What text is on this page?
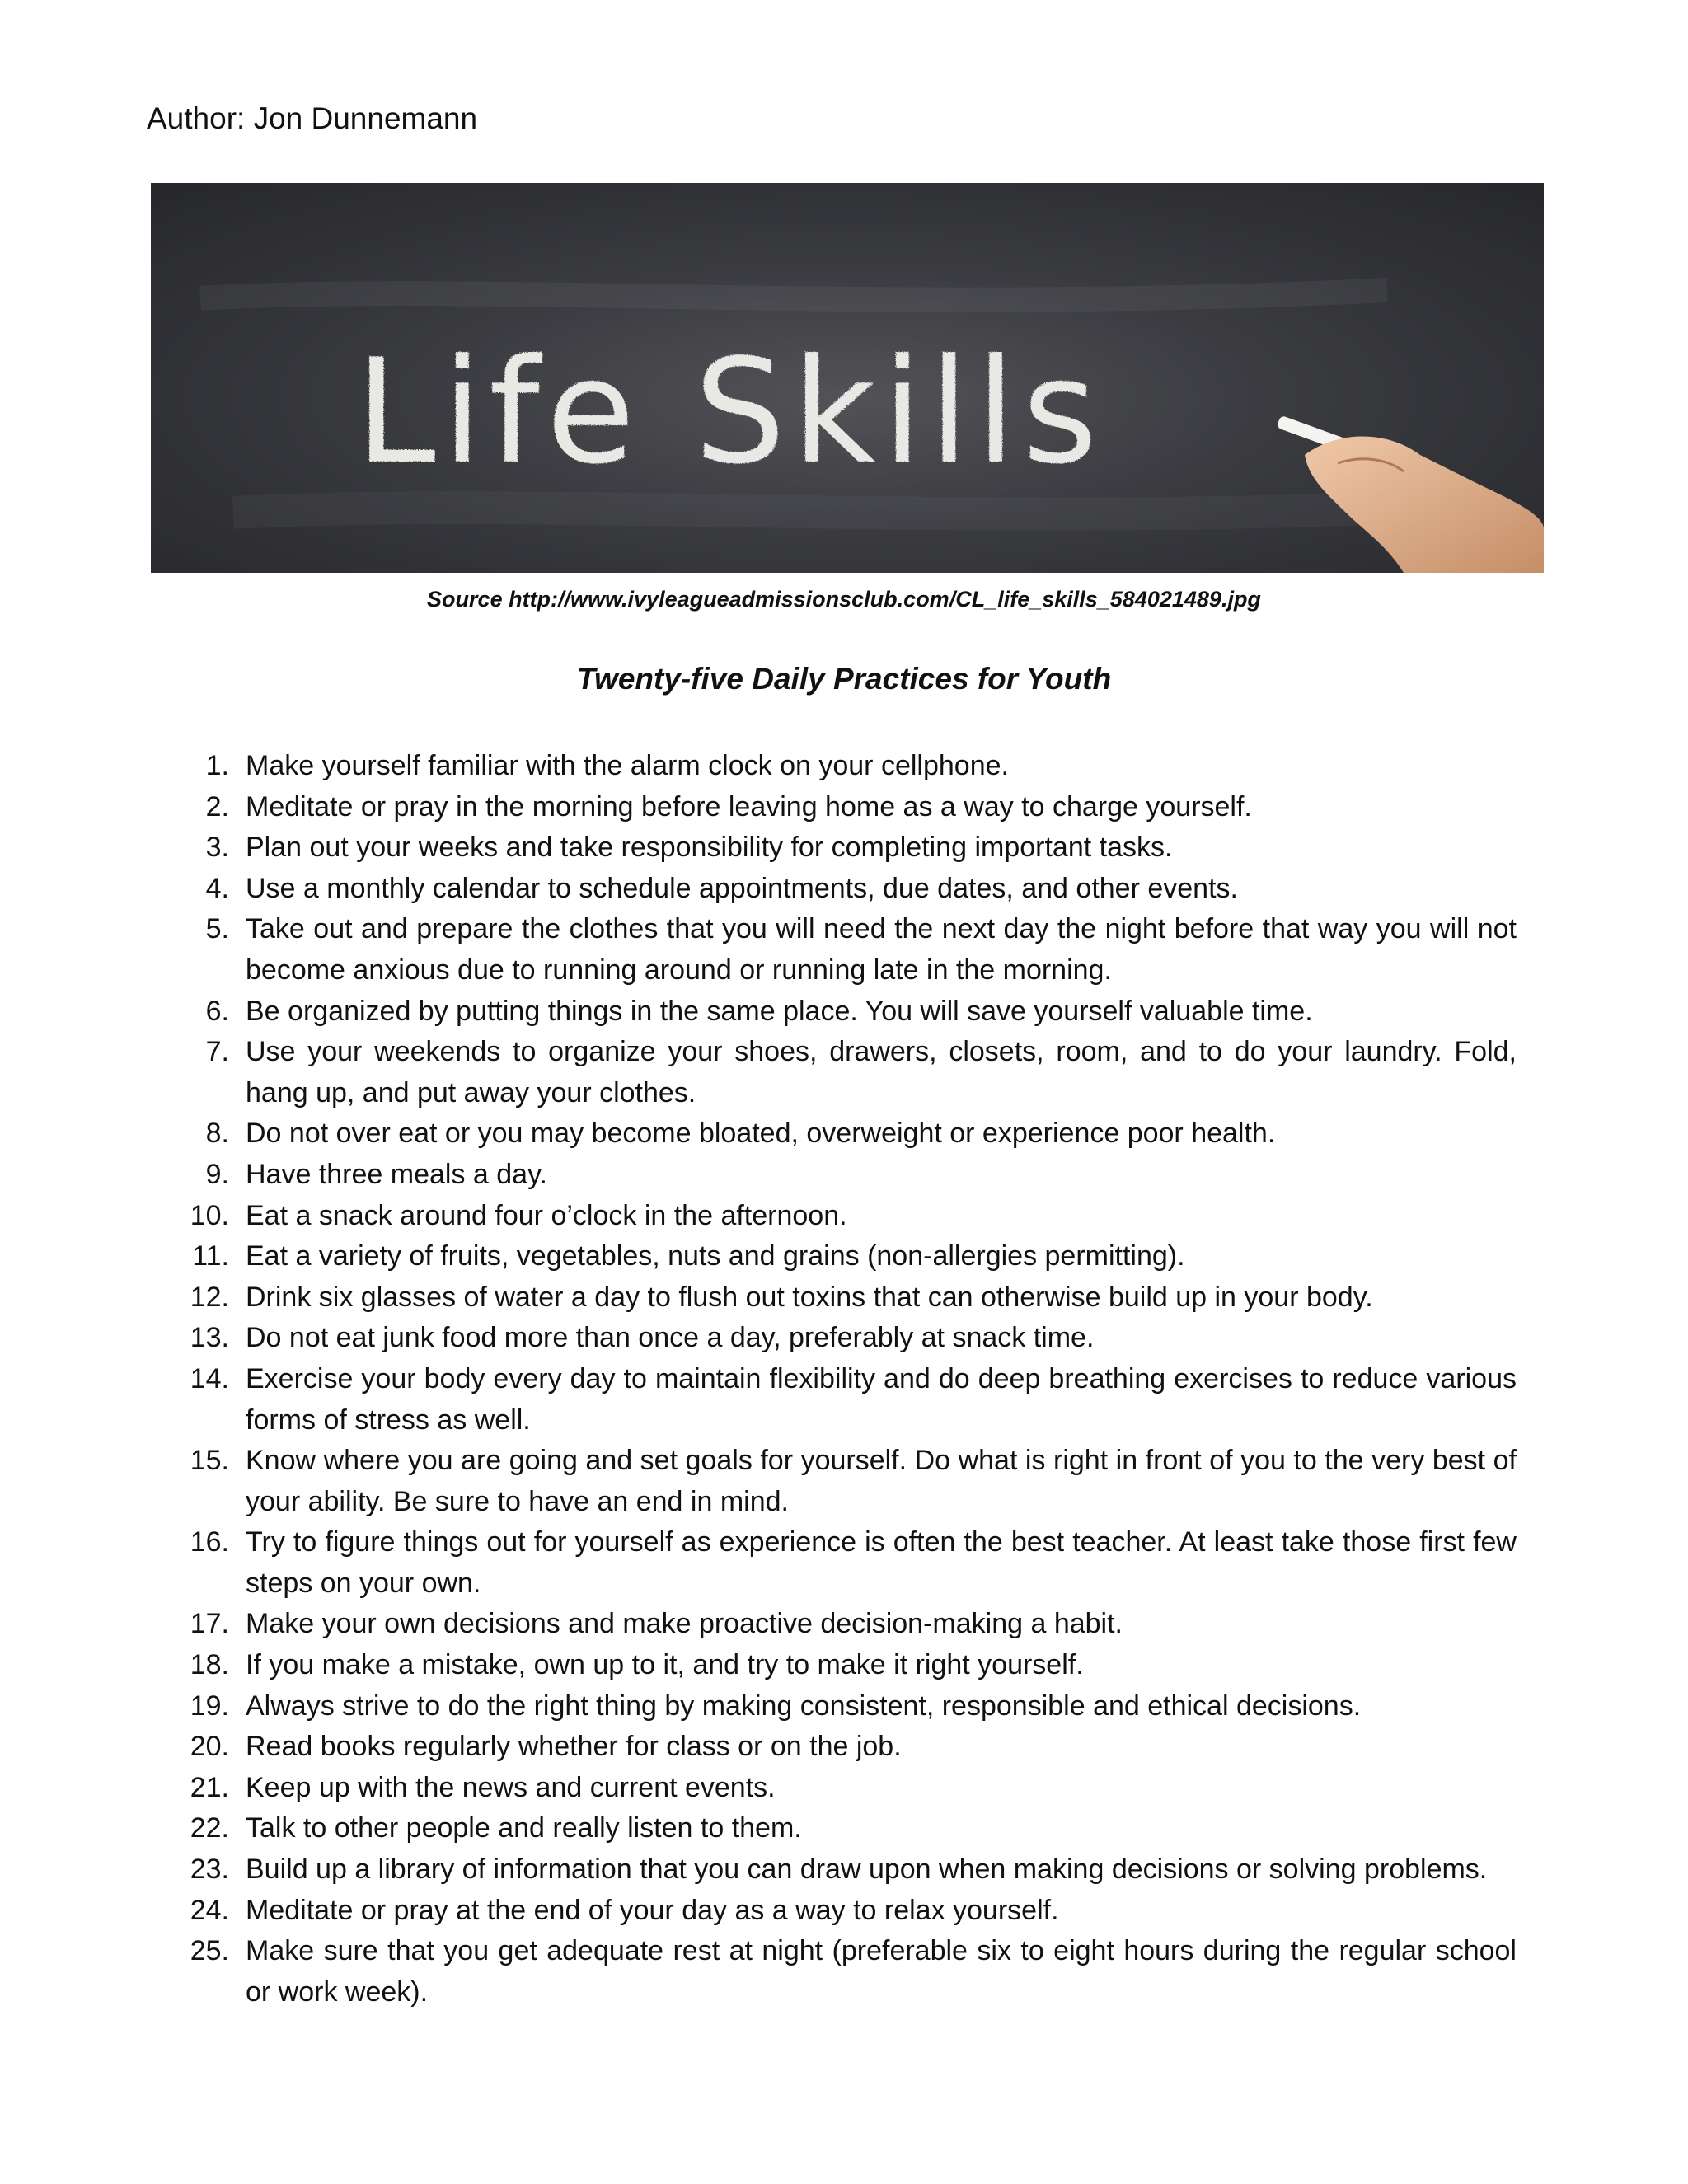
Author: Jon Dunnemann
Life Skills
Source http://www.ivyleagueadmissionsclub.com/CL_life_skills_584021489.jpg
Twenty-five Daily Practices for Youth
1. Make yourself familiar with the alarm clock on your cellphone.
2. Meditate or pray in the morning before leaving home as a way to charge yourself.
3. Plan out your weeks and take responsibility for completing important tasks.
4. Use a monthly calendar to schedule appointments, due dates, and other events.
5. Take out and prepare the clothes that you will need the next day the night before that way you will not become anxious due to running around or running late in the morning.
6. Be organized by putting things in the same place. You will save yourself valuable time.
7. Use your weekends to organize your shoes, drawers, closets, room, and to do your laundry. Fold, hang up, and put away your clothes.
8. Do not over eat or you may become bloated, overweight or experience poor health.
9. Have three meals a day.
10. Eat a snack around four o’clock in the afternoon.
11. Eat a variety of fruits, vegetables, nuts and grains (non-allergies permitting).
12. Drink six glasses of water a day to flush out toxins that can otherwise build up in your body.
13. Do not eat junk food more than once a day, preferably at snack time.
14. Exercise your body every day to maintain flexibility and do deep breathing exercises to reduce various forms of stress as well.
15. Know where you are going and set goals for yourself. Do what is right in front of you to the very best of your ability. Be sure to have an end in mind.
16. Try to figure things out for yourself as experience is often the best teacher. At least take those first few steps on your own.
17. Make your own decisions and make proactive decision-making a habit.
18. If you make a mistake, own up to it, and try to make it right yourself.
19. Always strive to do the right thing by making consistent, responsible and ethical decisions.
20. Read books regularly whether for class or on the job.
21. Keep up with the news and current events.
22. Talk to other people and really listen to them.
23. Build up a library of information that you can draw upon when making decisions or solving problems.
24. Meditate or pray at the end of your day as a way to relax yourself.
25. Make sure that you get adequate rest at night (preferable six to eight hours during the regular school or work week).
